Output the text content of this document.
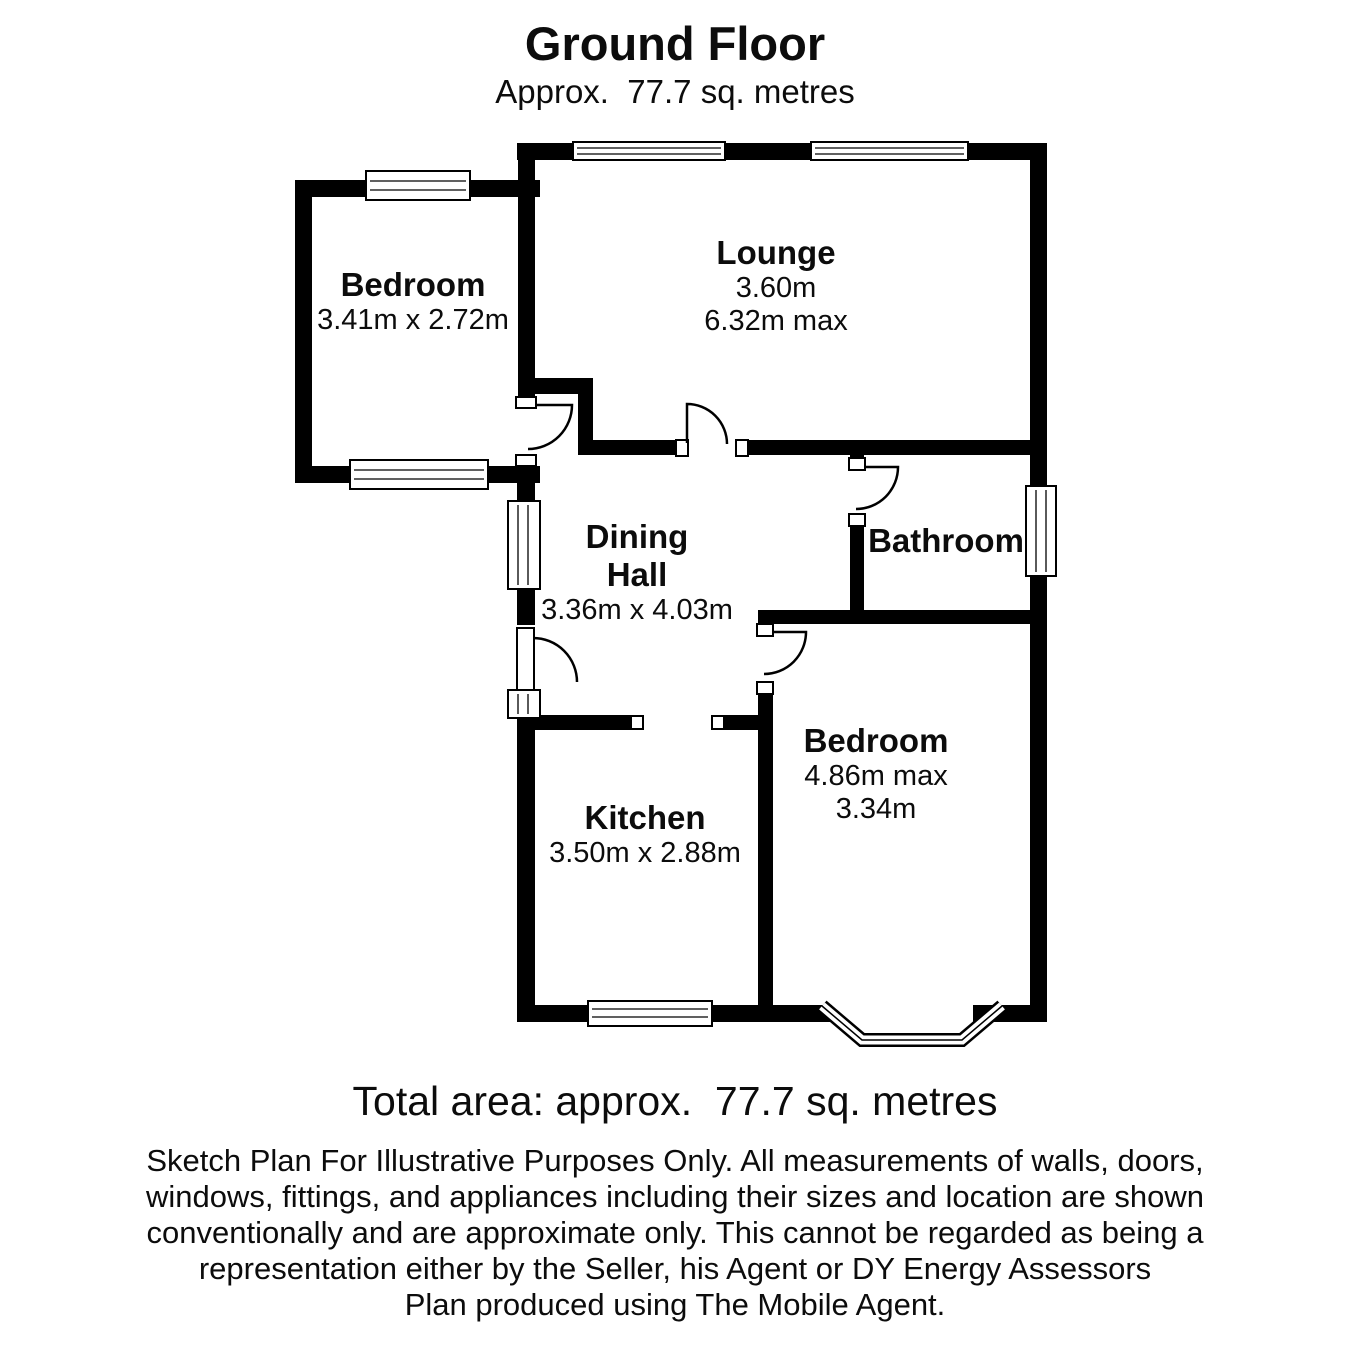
Ground Floor
Approx.  77.7 sq. metres
Bedroom
3.41m x 2.72m
Lounge
3.60m
6.32m max
Dining
Hall
3.36m x 4.03m
Bathroom
Kitchen
3.50m x 2.88m
Bedroom
4.86m max
3.34m
Total area: approx.  77.7 sq. metres
Sketch Plan For Illustrative Purposes Only. All measurements of walls, doors,
windows, fittings, and appliances including their sizes and location are shown
conventionally and are approximate only. This cannot be regarded as being a
representation either by the Seller, his Agent or DY Energy Assessors
Plan produced using The Mobile Agent.
